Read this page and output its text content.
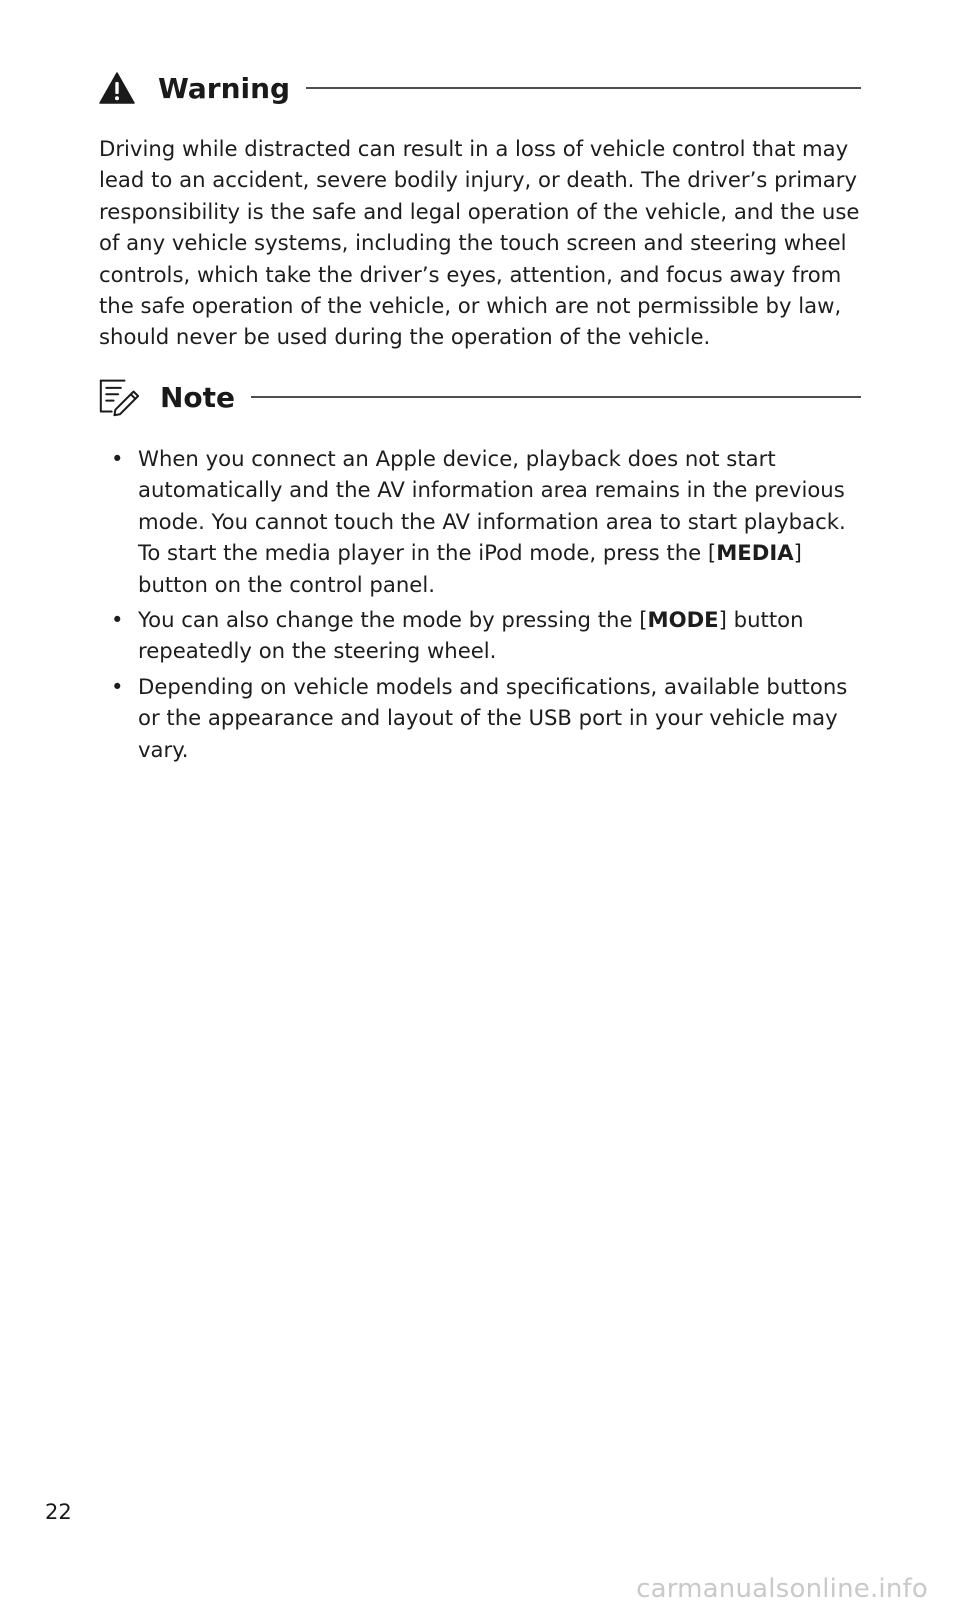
Warning

Driving while distracted can result in a loss of vehicle control that may lead to an accident, severe bodily injury, or death. The driver’s primary responsibility is the safe and legal operation of the vehicle, and the use of any vehicle systems, including the touch screen and steering wheel controls, which take the driver’s eyes, attention, and focus away from the safe operation of the vehicle, or which are not permissible by law, should never be used during the operation of the vehicle.

Note
• When you connect an Apple device, playback does not start automatically and the AV information area remains in the previous mode. You cannot touch the AV information area to start playback. To start the media player in the iPod mode, press the [MEDIA] button on the control panel.
• You can also change the mode by pressing the [MODE] button repeatedly on the steering wheel.
• Depending on vehicle models and specifications, available buttons or the appearance and layout of the USB port in your vehicle may vary.
22
carmanualsonline.info
